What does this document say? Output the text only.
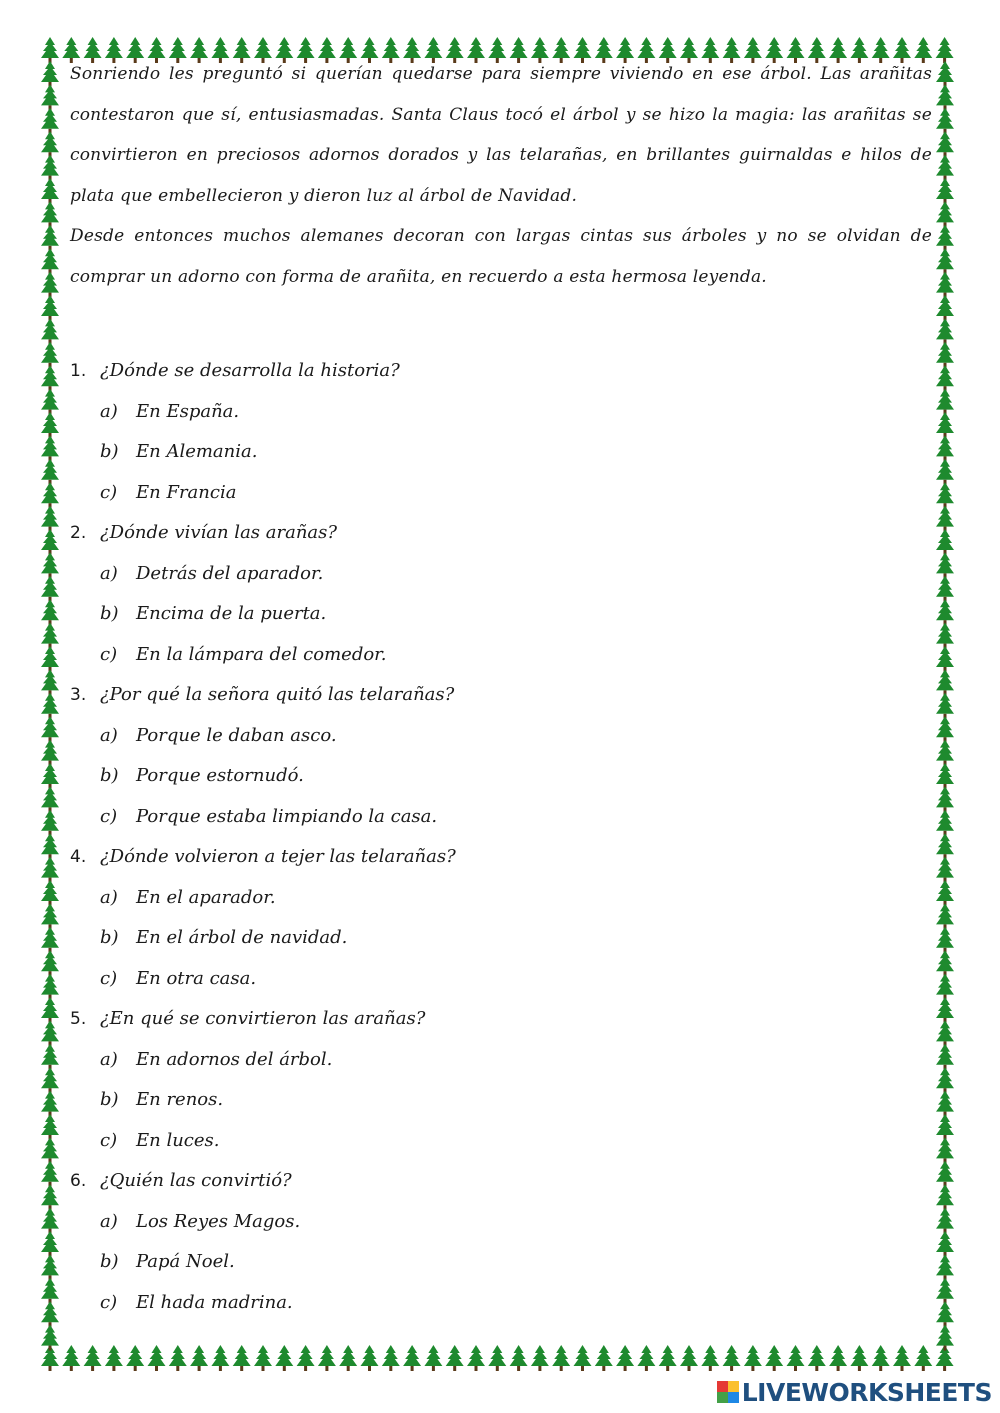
Sonriendo les preguntó si querían quedarse para siempre viviendo en ese árbol. Las arañitas contestaron que sí, entusiasmadas. Santa Claus tocó el árbol y se hizo la magia: las arañitas se convirtieron en preciosos adornos dorados y las telarañas, en brillantes guirnaldas e hilos de plata que embellecieron y dieron luz al árbol de Navidad.

Desde entonces muchos alemanes decoran con largas cintas sus árboles y no se olvidan de comprar un adorno con forma de arañita, en recuerdo a esta hermosa leyenda.

1. ¿Dónde se desarrolla la historia?
a)	En España.
b) En Alemania.
c)	En Francia
2. ¿Dónde vivían las arañas?
a)	Detrás del aparador.
b) Encima de la puerta.
c)	En la lámpara del comedor.
3. ¿Por qué la señora quitó las telarañas?
a)	Porque le daban asco.
b) Porque estornudó.
c)	Porque estaba limpiando la casa.
4. ¿Dónde volvieron a tejer las telarañas?
a)	En el aparador.
b) En el árbol de navidad.
c)	En otra casa.
5. ¿En qué se convirtieron las arañas?
a)	En adornos del árbol.
b) En renos.
c)	En luces.
6. ¿Quién las convirtió?
a)	Los Reyes Magos.
b) Papá Noel.
c)	El hada madrina.
LIVEWORKSHEETS
